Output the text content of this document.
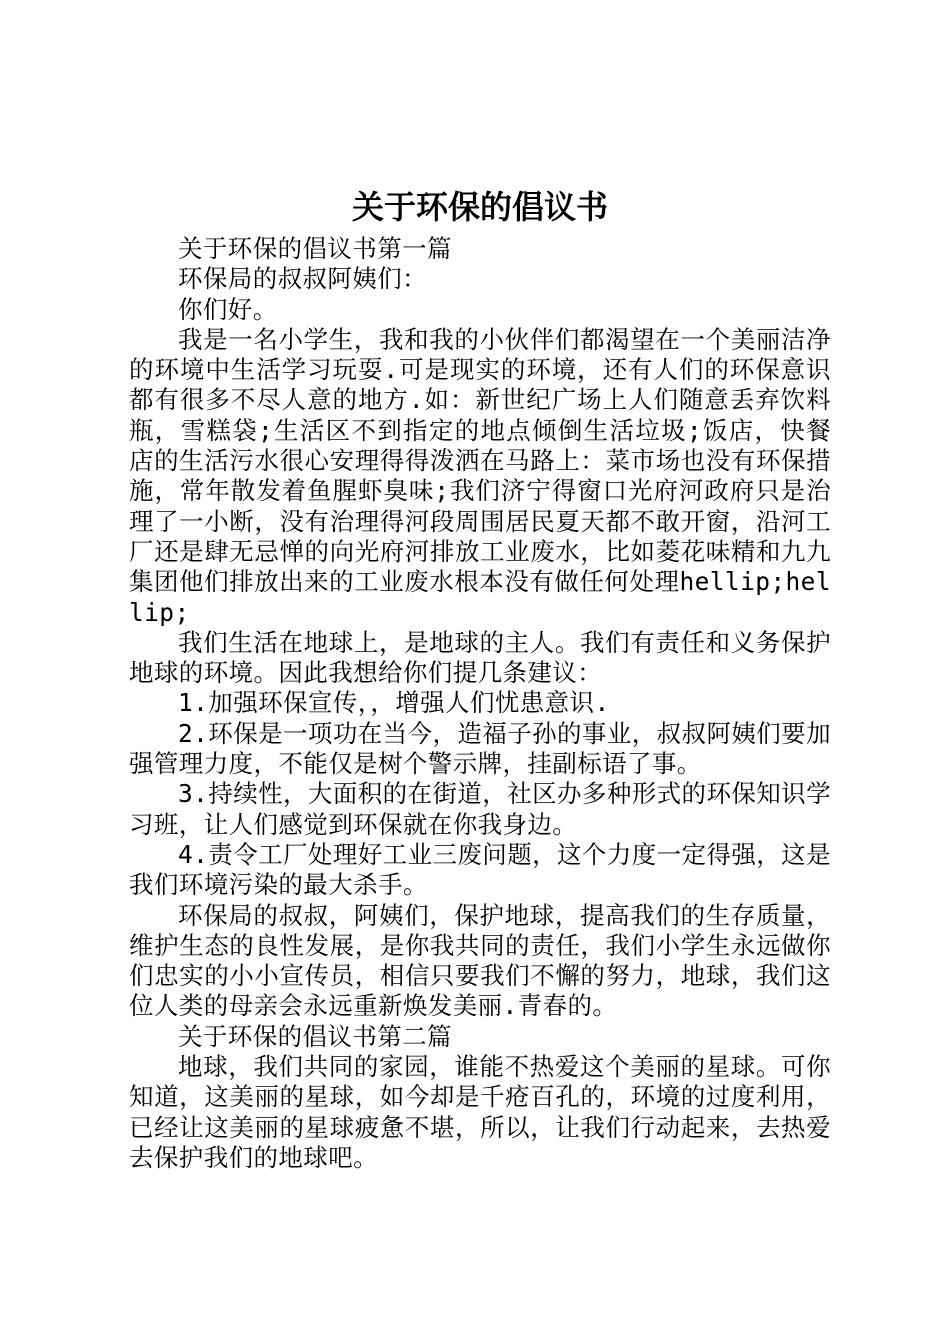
关于环保的倡议书

关于环保的倡议书第一篇

环保局的叔叔阿姨们：

你们好。

我是一名小学生，我和我的小伙伴们都渴望在一个美丽洁净的环境中生活学习玩耍.可是现实的环境，还有人们的环保意识都有很多不尽人意的地方.如：新世纪广场上人们随意丢弃饮料瓶，雪糕袋;生活区不到指定的地点倾倒生活垃圾;饭店，快餐店的生活污水很心安理得得泼洒在马路上：菜市场也没有环保措施，常年散发着鱼腥虾臭味;我们济宁得窗口光府河政府只是治理了一小断，没有治理得河段周围居民夏天都不敢开窗，沿河工厂还是肆无忌惮的向光府河排放工业废水，比如菱花味精和九九集团他们排放出来的工业废水根本没有做任何处理hellip;hellip;

我们生活在地球上，是地球的主人。我们有责任和义务保护地球的环境。因此我想给你们提几条建议：

1.加强环保宣传，，增强人们忧患意识.

2.环保是一项功在当今，造福子孙的事业，叔叔阿姨们要加强管理力度，不能仅是树个警示牌，挂副标语了事。

3.持续性，大面积的在街道，社区办多种形式的环保知识学习班，让人们感觉到环保就在你我身边。

4.责令工厂处理好工业三废问题，这个力度一定得强，这是我们环境污染的最大杀手。

环保局的叔叔，阿姨们，保护地球，提高我们的生存质量，维护生态的良性发展，是你我共同的责任，我们小学生永远做你们忠实的小小宣传员，相信只要我们不懈的努力，地球，我们这位人类的母亲会永远重新焕发美丽.青春的。

关于环保的倡议书第二篇

地球，我们共同的家园，谁能不热爱这个美丽的星球。可你知道，这美丽的星球，如今却是千疮百孔的，环境的过度利用，已经让这美丽的星球疲惫不堪，所以，让我们行动起来，去热爱去保护我们的地球吧。
